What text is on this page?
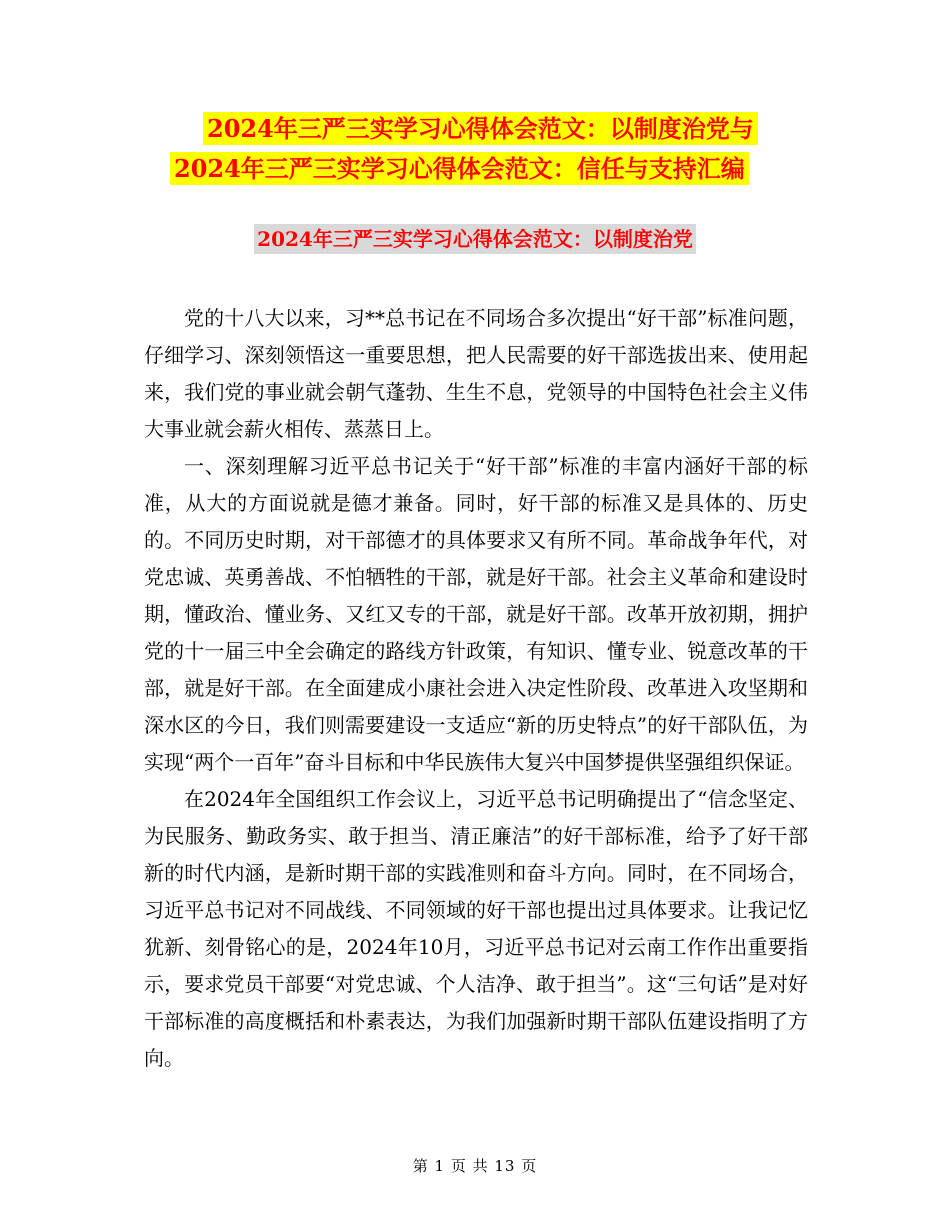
2024年三严三实学习心得体会范文：以制度治党与
2024年三严三实学习心得体会范文：信任与支持汇编
2024年三严三实学习心得体会范文：以制度治党

党的十八大以来，习**总书记在不同场合多次提出“好干部”标准问题，仔细学习、深刻领悟这一重要思想，把人民需要的好干部选拔出来、使用起来，我们党的事业就会朝气蓬勃、生生不息，党领导的中国特色社会主义伟大事业就会薪火相传、蒸蒸日上。

一、深刻理解习近平总书记关于“好干部”标准的丰富内涵好干部的标准，从大的方面说就是德才兼备。同时，好干部的标准又是具体的、历史的。不同历史时期，对干部德才的具体要求又有所不同。革命战争年代，对党忠诚、英勇善战、不怕牺牲的干部，就是好干部。社会主义革命和建设时期，懂政治、懂业务、又红又专的干部，就是好干部。改革开放初期，拥护党的十一届三中全会确定的路线方针政策，有知识、懂专业、锐意改革的干部，就是好干部。在全面建成小康社会进入决定性阶段、改革进入攻坚期和深水区的今日，我们则需要建设一支适应“新的历史特点”的好干部队伍，为实现“两个一百年”奋斗目标和中华民族伟大复兴中国梦提供坚强组织保证。

在2024年全国组织工作会议上，习近平总书记明确提出了“信念坚定、为民服务、勤政务实、敢于担当、清正廉洁”的好干部标准，给予了好干部新的时代内涵，是新时期干部的实践准则和奋斗方向。同时，在不同场合，习近平总书记对不同战线、不同领域的好干部也提出过具体要求。让我记忆犹新、刻骨铭心的是，2024年10月，习近平总书记对云南工作作出重要指示，要求党员干部要“对党忠诚、个人洁净、敢于担当”。这“三句话”是对好干部标准的高度概括和朴素表达，为我们加强新时期干部队伍建设指明了方向。

第 1 页 共 13 页
